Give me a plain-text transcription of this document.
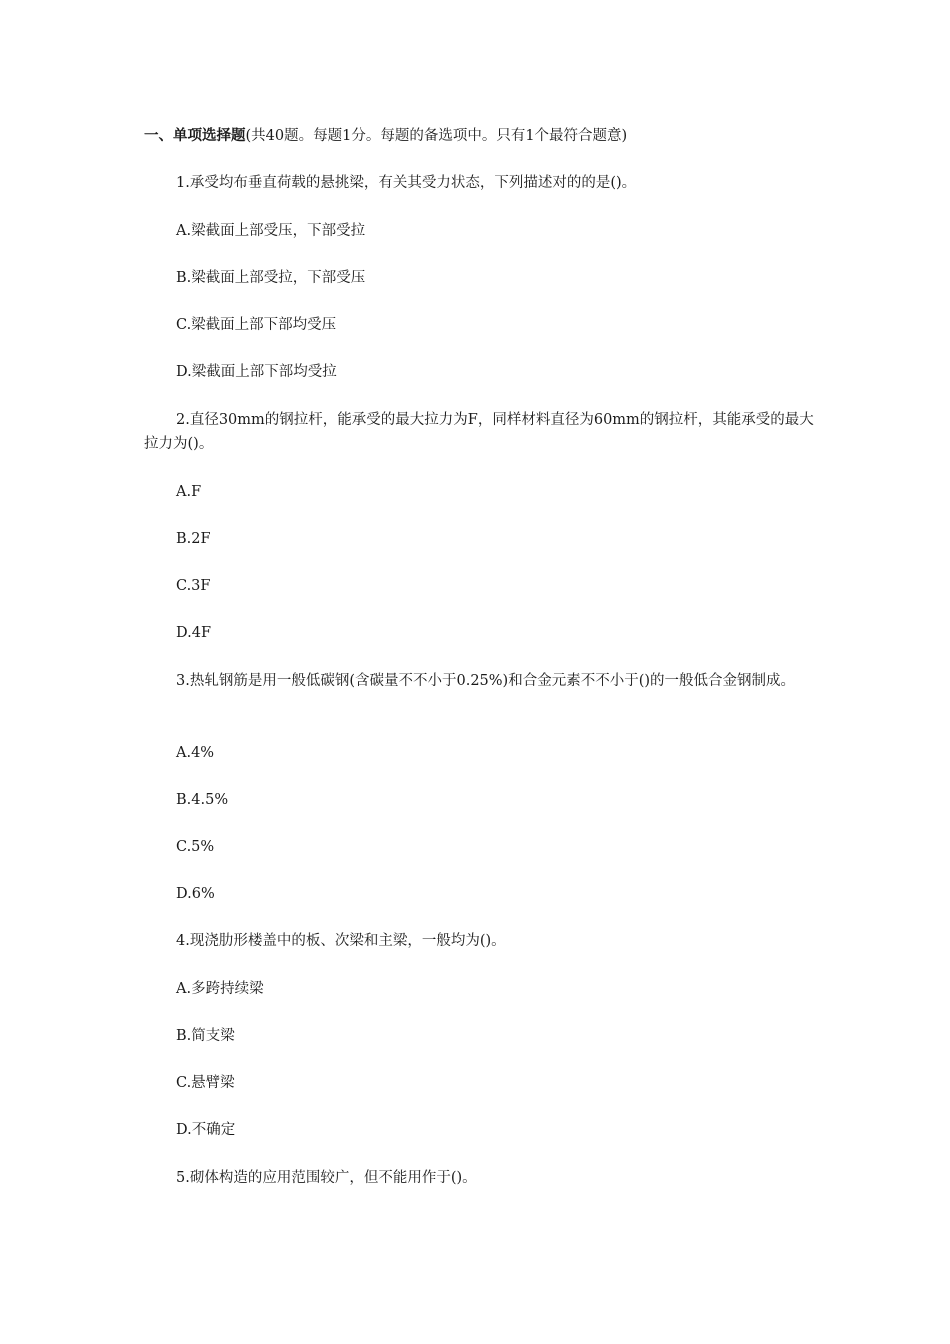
一、单项选择题(共40题。每题1分。每题的备选项中。只有1个最符合题意)
1.承受均布垂直荷载的悬挑梁，有关其受力状态，下列描述对的的是()。
A.梁截面上部受压，下部受拉
B.梁截面上部受拉，下部受压
C.梁截面上部下部均受压
D.梁截面上部下部均受拉
2.直径30mm的钢拉杆，能承受的最大拉力为F，同样材料直径为60mm的钢拉杆，其能承受的最大拉力为()。
A.F
B.2F
C.3F
D.4F
3.热轧钢筋是用一般低碳钢(含碳量不不小于0.25%)和合金元素不不小于()的一般低合金钢制成。
A.4%
B.4.5%
C.5%
D.6%
4.现浇肋形楼盖中的板、次梁和主梁，一般均为()。
A.多跨持续梁
B.简支梁
C.悬臂梁
D.不确定
5.砌体构造的应用范围较广，但不能用作于()。
